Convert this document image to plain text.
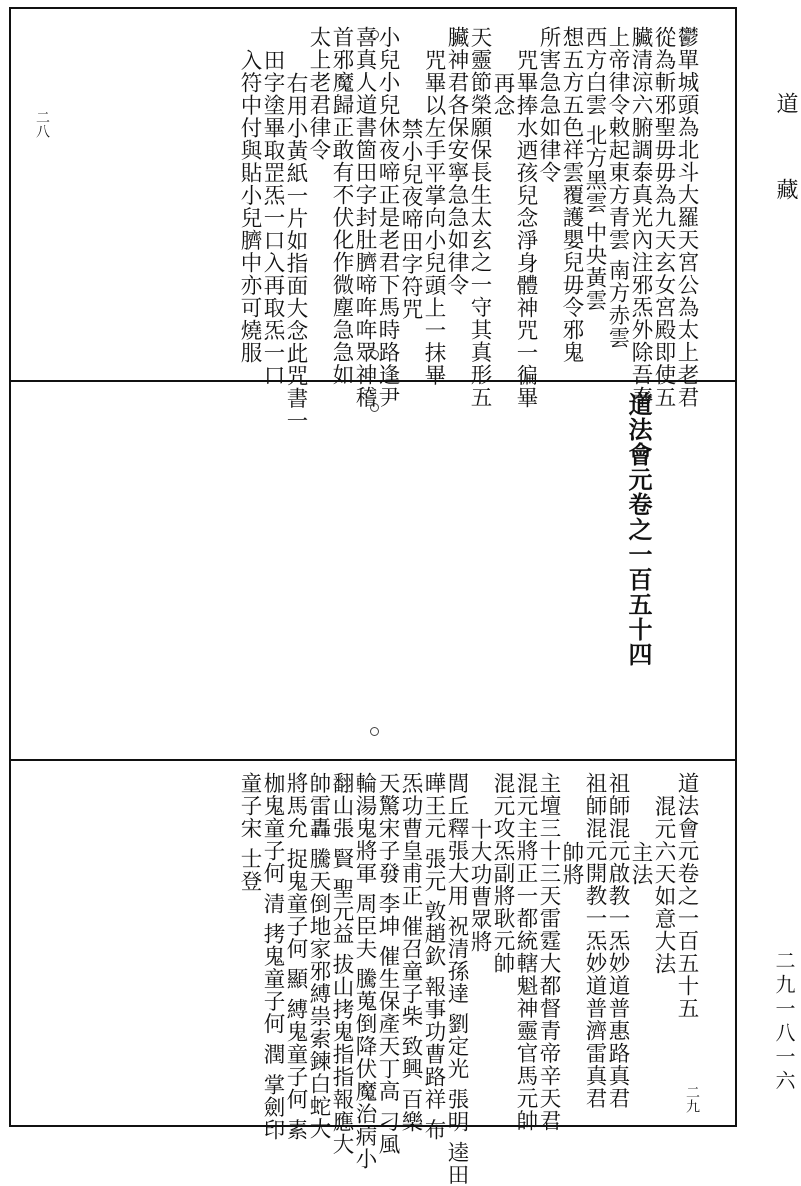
鬱單城頭為北斗大羅天宮公為太上老君
從為斬邪聖毋毋為九天玄女宮殿即使五
臟清涼六腑調泰真光內注邪炁外除吾奉
上帝律令敕起東方青雲 南方赤雲
西方白雲 北方黑雲 中央黃雲
想五方五色祥雲覆護嬰兒毋令邪鬼
所害急急如律令
咒畢捧水迺孩兒念淨身體神咒一徧畢
再念
天靈節榮願保長生太玄之一守其真形五
臟神君各保安寧急急如律令
咒畢以左手平掌向小兒頭上一抹畢
禁小兒夜啼田字符咒
小兒小兒休夜啼正是老君下馬時路逢尹
喜真人道書箇田字封肚臍啼哖哖眾神稽
首邪魔歸正敢有不伏化作微塵急急如
太上老君律令
右用小黃紙一片如指面大念此咒書一
田字塗畢取罡炁一口入再取炁一口
入符中付與貼小兒臍中亦可燒服
二八
道法會元卷之一百五十四
道法會元卷之一百五十五
混元六天如意大法
主法
祖師混元啟教一炁妙道普惠路真君
祖師混元開教一炁妙道普濟雷真君
帥將
主壇三十三天雷霆大都督青帝辛天君
混元主將正一都統轄魁神靈官馬元帥
混元攻炁副將耿元帥
十大功曹眾將
閭丘釋張大用 祝清孫達 劉定光 張明 逵田
曄王元 張元 敦趙欽 報事功曹路祥 布
炁功曹皇甫正 催召童子柴 致興 百樂
天驚宋子發 李坤 催生保產天丁高 刁風
輪湯鬼將軍 周臣夫 騰蒐倒降伏魔治病小
翻山張 賢 聖元益 拔山拷鬼指指報應大
帥雷轟 騰天倒地家邪縛祟索鍊白蛇大
將馬允 捉鬼童子何 顯 縛鬼童子何 素
枷鬼童子何 清 拷鬼童子何 潤 掌劍印
童子宋 士登
二九
道
藏
二九一八一六
